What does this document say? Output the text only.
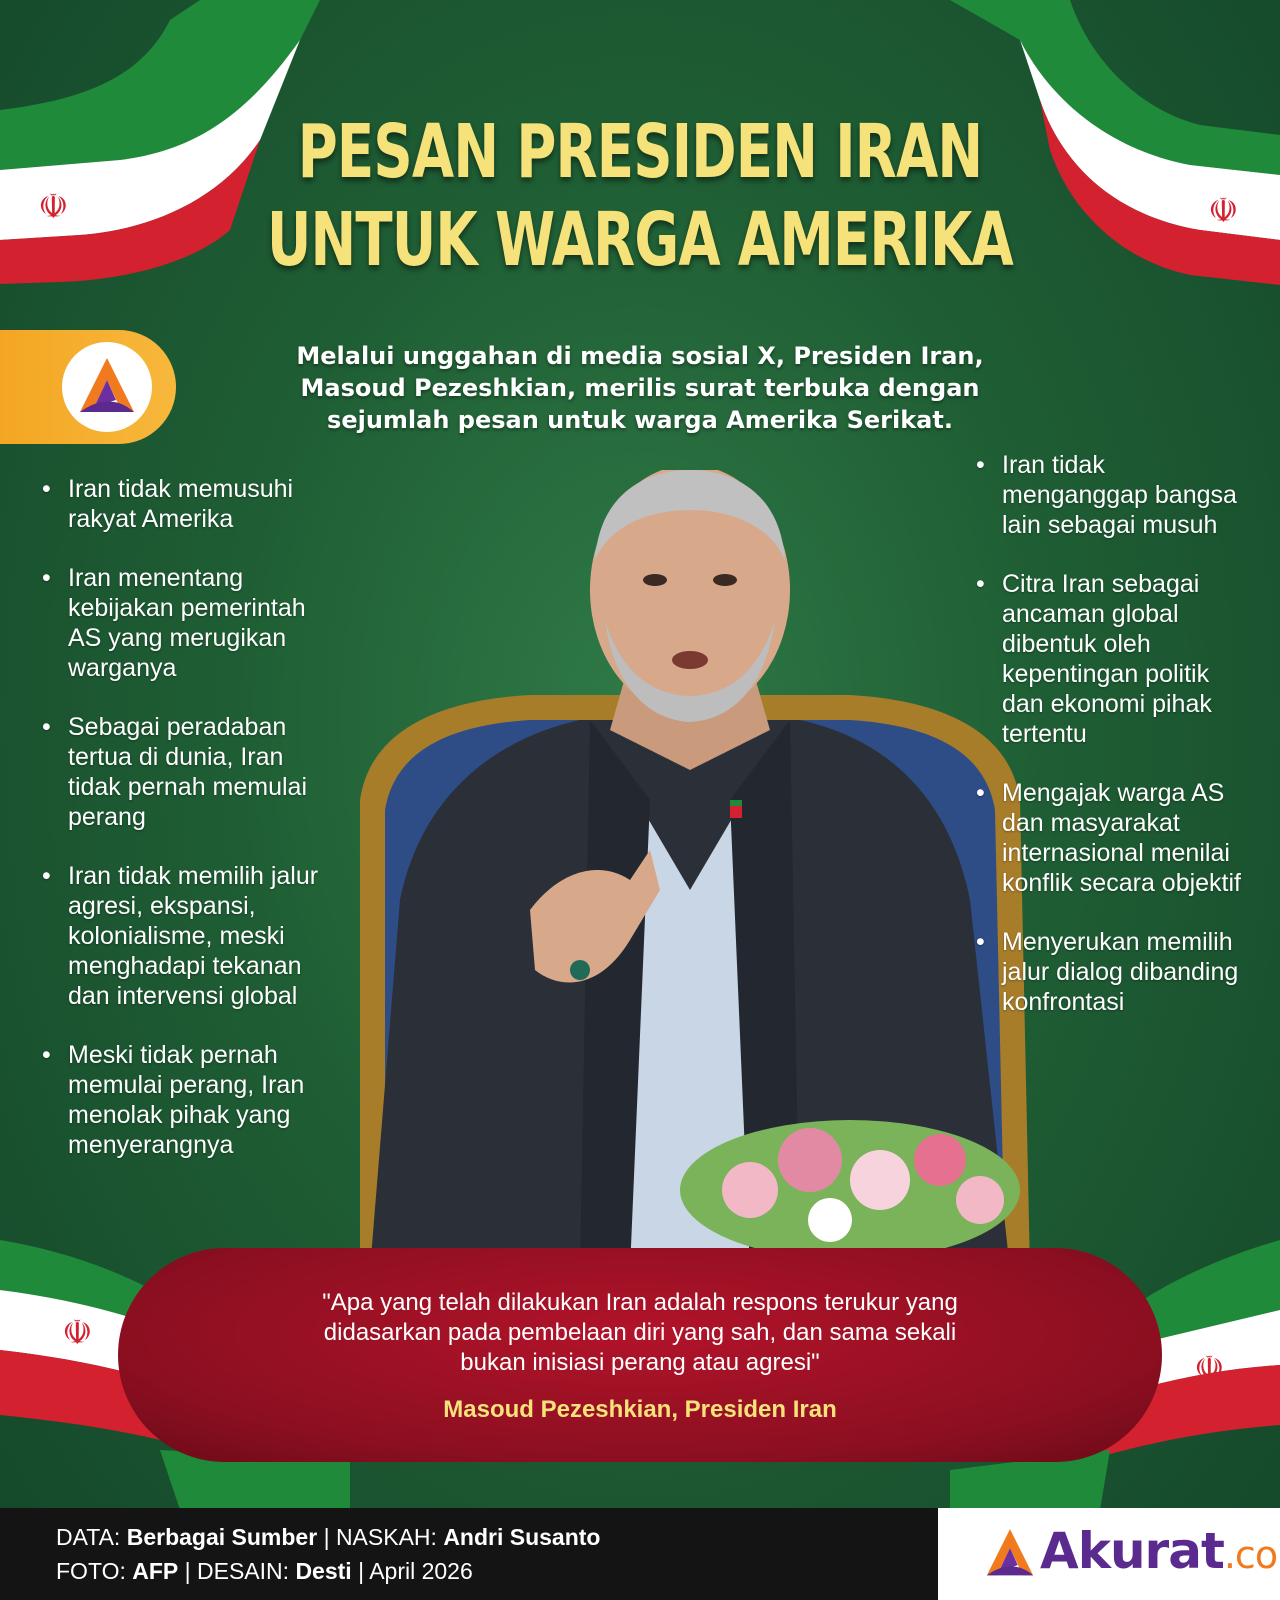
☫	☫
☫
☫
PESAN PRESIDEN IRAN
UNTUK WARGA AMERIKA
Melalui unggahan di media sosial X, Presiden Iran,
Masoud Pezeshkian, merilis surat terbuka dengan
sejumlah pesan untuk warga Amerika Serikat.
• Iran tidak memusuhi rakyat Amerika
• Iran menentang kebijakan pemerintah AS yang merugikan warganya
• Sebagai peradaban tertua di dunia, Iran tidak pernah memulai perang
• Iran tidak memilih jalur agresi, ekspansi, kolonialisme, meski menghadapi tekanan dan intervensi global
• Meski tidak pernah memulai perang, Iran menolak pihak yang menyerangnya
• Iran tidak menganggap bangsa lain sebagai musuh
• Citra Iran sebagai ancaman global dibentuk oleh kepentingan politik dan ekonomi pihak tertentu
• Mengajak warga AS dan masyarakat internasional menilai konflik secara objektif
• Menyerukan memilih jalur dialog dibanding konfrontasi
"Apa yang telah dilakukan Iran adalah respons terukur yang
didasarkan pada pembelaan diri yang sah, dan sama sekali
bukan inisiasi perang atau agresi"
Masoud Pezeshkian, Presiden Iran
DATA: Berbagai Sumber | NASKAH: Andri Susanto
FOTO: AFP | DESAIN: Desti | April 2026	Akurat.co
